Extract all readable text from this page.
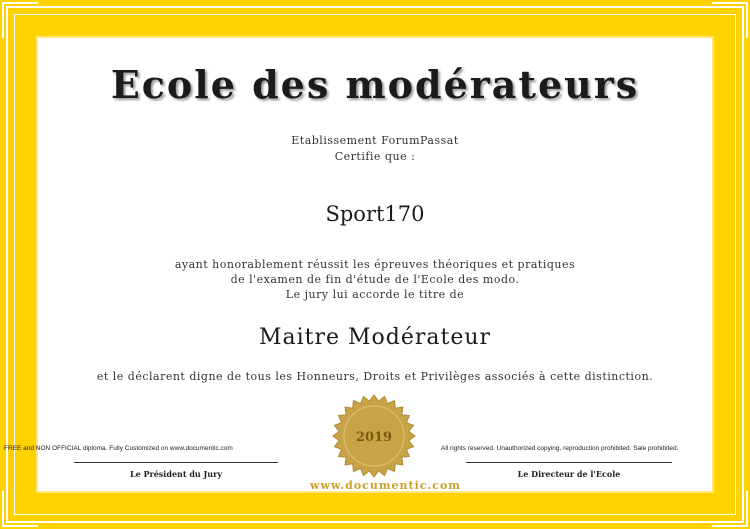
Ecole des modérateurs
Etablissement ForumPassat
Certifie que :
Sport170
ayant honorablement réussit les épreuves théoriques et pratiques
de l'examen de fin d'étude de l'Ecole des modo.
Le jury lui accorde le titre de
Maitre Modérateur
et le déclarent digne de tous les Honneurs, Droits et Privilèges associés à cette distinction.
2019
Le Président du Jury	Le Directeur de l'Ecole
www.documentic.com
FREE and NON OFFICIAL diploma. Fully Customized on www.documentic.com	All rights reserved. Unauthorized copying, reproduction prohibited. Sale prohibited.
